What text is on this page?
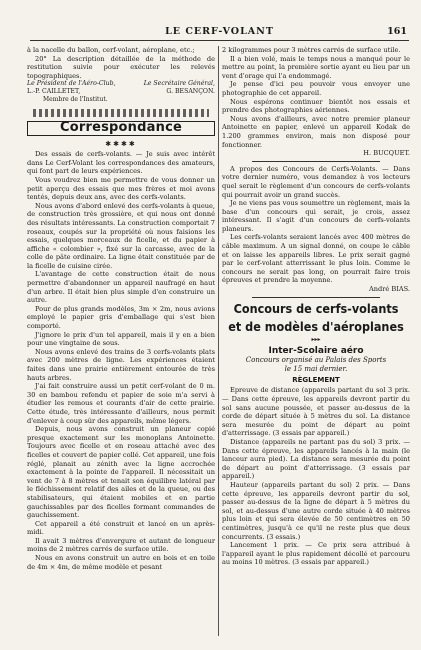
LE CERF-VOLANT	161

à la nacelle du ballon, cerf-volant, aéroplane, etc.;

20° La description détaillée de la méthode de restitution suivie pour exécuter les relevés topographiques.

Le Président de l'Aéro-Club,	Le Secrétaire Général,
L.-P. CAILLETET,	G. BESANÇON.
Membre de l'Institut.
Correspondance
✱✱✱✱

Des essais de cerfs-volants. — Je suis avec intérêt dans Le Cerf-Volant les correspondances des amateurs, qui font part de leurs expériences.

Vous voudrez bien me permettre de vous donner un petit aperçu des essais que mes frères et moi avons tentés, depuis deux ans, avec des cerfs-volants.

Nous avons d'abord enlevé des cerfs-volants à queue, de construction très grossière, et qui nous ont donné des résultats intéressants. La construction comportait 7 roseaux, coupés sur la propriété où nous faisions les essais, quelques morceaux de ficelle, et du papier à affiche « colombier », fixé sur la carcasse, avec de la colle de pâte ordinaire. La ligne était constituée par de la ficelle de cuisine cirée.

L'avantage de cette construction était de nous permettre d'abandonner un appareil naufragé en haut d'un arbre. Il était bien plus simple d'en construire un autre.

Pour de plus grands modèles, 3m × 2m, nous avions employé le papier gris d'emballage qui s'est bien comporté.

J'ignore le prix d'un tel appareil, mais il y en a bien pour une vingtaine de sous.

Nous avons enlevé des trains de 3 cerfs-volants plats avec 200 mètres de ligne. Les expériences étaient faites dans une prairie entièrement entourée de très hauts arbres.

J'ai fait construire aussi un petit cerf-volant de 0 m. 30 en bambou refendu et papier de soie m'a servi à étudier les remous et courants d'air de cette prairie. Cette étude, très intéressante d'ailleurs, nous permit d'enlever à coup sûr des appareils, même légers.

Depuis, nous avons construit un planeur copié presque exactement sur les monoplans Antoinette. Toujours avec ficelle et en roseau attaché avec des ficelles et couvert de papier collé. Cet appareil, une fois réglé, planait au zénith avec la ligne accrochée exactement à la pointe de l'appareil. Il nécessitait un vent de 7 à 8 mètres et tenait son équilibre latéral par le fléchissement relatif des ailes et de la queue, ou des stabilisateurs, qui étaient mobiles et en partie gauchissables par des ficelles formant commandes de gauchissement.

Cet appareil a été construit et lancé en un après-midi.

Il avait 3 mètres d'envergure et autant de longueur moins de 2 mètres carrés de surface utile.

Nous en avons construit un autre en bois et en toile de 4m × 4m, de même modèle et pesant

2 kilogrammes pour 3 mètres carrés de surface utile.

Il a bien volé, mais le temps nous a manqué pour le mettre au point, la première sortie ayant eu lieu par un vent d'orage qui l'a endommagé.

Je pense d'ici peu pouvoir vous envoyer une photographie de cet appareil.

Nous espérons continuer bientôt nos essais et prendre des photographies aériennes.

Nous avons d'ailleurs, avec notre premier planeur Antoinette en papier, enlevé un appareil Kodak de 1.200 grammes environ, mais non disposé pour fonctionner.

H. BUCQUET.

A propos des Concours de Cerfs-Volants. — Dans votre dernier numéro, vous demandez à vos lecteurs quel serait le règlement d'un concours de cerfs-volants qui pourrait avoir un grand succès.

Je ne viens pas vous soumettre un règlement, mais la base d'un concours qui serait, je crois, assez intéressant. Il s'agit d'un concours de cerfs-volants planeurs.

Les cerfs-volants seraient lancés avec 400 mètres de câble maximum. A un signal donné, on coupe le câble et on laisse les appareils libres. Le prix serait gagné par le cerf-volant atterrissant le plus loin. Comme le concours ne serait pas long, on pourrait faire trois épreuves et prendre la moyenne.

André BIAS.
Concours de cerfs-volants
et de modèles d'aéroplanes
▸▸▸
Inter-Scolaire aéro
Concours organisé au Palais des Sports
le 15 mai dernier.
RÈGLEMENT

Epreuve de distance (appareils partant du sol 3 prix. — Dans cette épreuve, les appareils devront partir du sol sans aucune poussée, et passer au-dessus de la corde de départ située à 5 mètres du sol. La distance sera mesurée du point de départ au point d'atterrissage. (3 essais par appareil.)

Distance (appareils ne partant pas du sol) 3 prix. — Dans cette épreuve, les appareils lancés à la main (le lanceur aura pied). La distance sera mesurée du point de départ au point d'atterrissage. (3 essais par appareil.)

Hauteur (appareils partant du sol) 2 prix. — Dans cette épreuve, les appareils devront partir du sol, passer au-dessus de la ligne de départ à 5 mètres du sol, et au-dessus d'une autre corde située à 40 mètres plus loin et qui sera élevée de 50 centimètres en 50 centimètres, jusqu'à ce qu'il ne reste plus que deux concurrents. (3 essais.)

Lancement 1 prix. — Ce prix sera attribué à l'appareil ayant le plus rapidement décollé et parcouru au moins 10 mètres. (3 essais par appareil.)
